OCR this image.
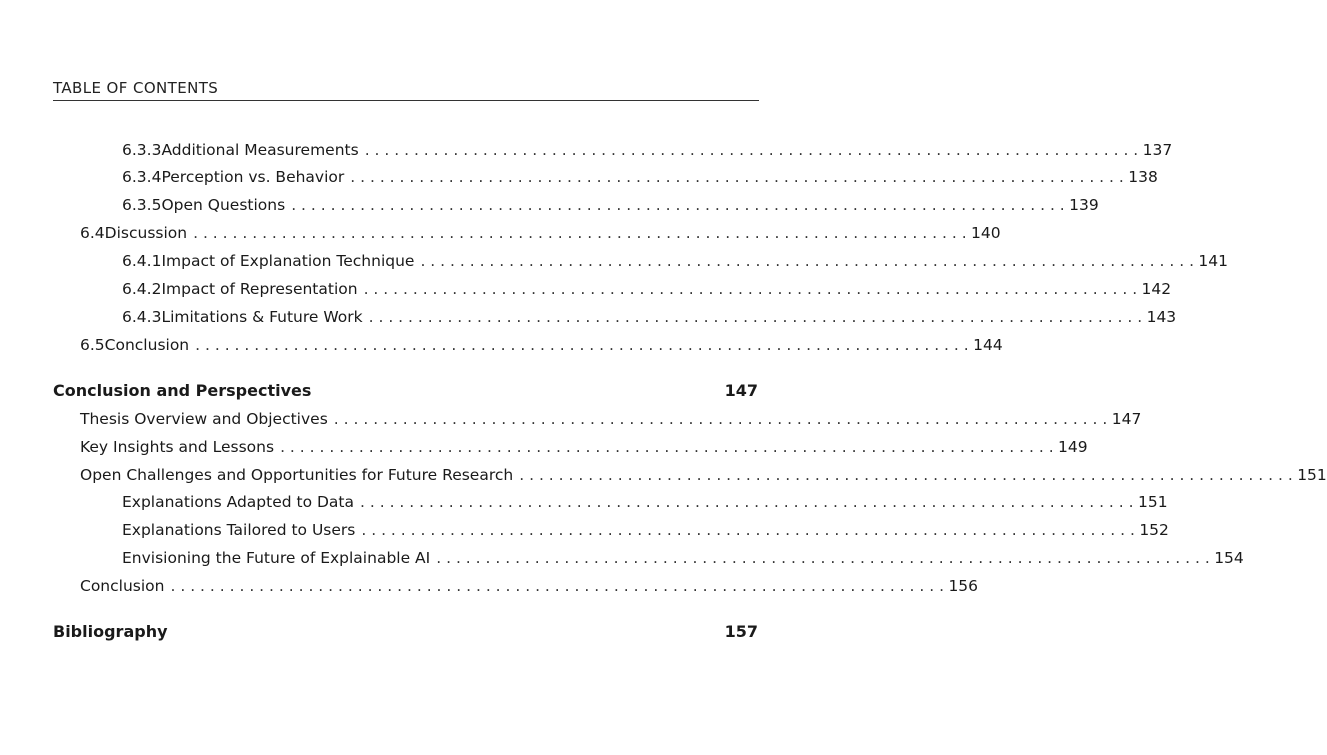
TABLE OF CONTENTS
6.3.3 Additional Measurements . . . . . . . . . . . . . . . . . . . . . . . . . . . . . . . . . . . . . . . . . . . . . . . . . . . . . . . . . . . . . . . . . . . . . . . . . . . . . . . 137
6.3.4 Perception vs. Behavior . . . . . . . . . . . . . . . . . . . . . . . . . . . . . . . . . . . . . . . . . . . . . . . . . . . . . . . . . . . . . . . . . . . . . . . . . . . . . . . 138
6.3.5 Open Questions . . . . . . . . . . . . . . . . . . . . . . . . . . . . . . . . . . . . . . . . . . . . . . . . . . . . . . . . . . . . . . . . . . . . . . . . . . . . . . . 139
6.4 Discussion . . . . . . . . . . . . . . . . . . . . . . . . . . . . . . . . . . . . . . . . . . . . . . . . . . . . . . . . . . . . . . . . . . . . . . . . . . . . . . . 140
6.4.1 Impact of Explanation Technique . . . . . . . . . . . . . . . . . . . . . . . . . . . . . . . . . . . . . . . . . . . . . . . . . . . . . . . . . . . . . . . . . . . . . . . . . . . . . . . 141
6.4.2 Impact of Representation . . . . . . . . . . . . . . . . . . . . . . . . . . . . . . . . . . . . . . . . . . . . . . . . . . . . . . . . . . . . . . . . . . . . . . . . . . . . . . . 142
6.4.3 Limitations & Future Work . . . . . . . . . . . . . . . . . . . . . . . . . . . . . . . . . . . . . . . . . . . . . . . . . . . . . . . . . . . . . . . . . . . . . . . . . . . . . . . 143
6.5 Conclusion . . . . . . . . . . . . . . . . . . . . . . . . . . . . . . . . . . . . . . . . . . . . . . . . . . . . . . . . . . . . . . . . . . . . . . . . . . . . . . . 144
Conclusion and Perspectives	147
Thesis Overview and Objectives . . . . . . . . . . . . . . . . . . . . . . . . . . . . . . . . . . . . . . . . . . . . . . . . . . . . . . . . . . . . . . . . . . . . . . . . . . . . . . . 147
Key Insights and Lessons . . . . . . . . . . . . . . . . . . . . . . . . . . . . . . . . . . . . . . . . . . . . . . . . . . . . . . . . . . . . . . . . . . . . . . . . . . . . . . . 149
Open Challenges and Opportunities for Future Research . . . . . . . . . . . . . . . . . . . . . . . . . . . . . . . . . . . . . . . . . . . . . . . . . . . . . . . . . . . . . . . . . . . . . . . . . . . . . . . 151
Explanations Adapted to Data . . . . . . . . . . . . . . . . . . . . . . . . . . . . . . . . . . . . . . . . . . . . . . . . . . . . . . . . . . . . . . . . . . . . . . . . . . . . . . . 151
Explanations Tailored to Users . . . . . . . . . . . . . . . . . . . . . . . . . . . . . . . . . . . . . . . . . . . . . . . . . . . . . . . . . . . . . . . . . . . . . . . . . . . . . . . 152
Envisioning the Future of Explainable AI . . . . . . . . . . . . . . . . . . . . . . . . . . . . . . . . . . . . . . . . . . . . . . . . . . . . . . . . . . . . . . . . . . . . . . . . . . . . . . . 154
Conclusion . . . . . . . . . . . . . . . . . . . . . . . . . . . . . . . . . . . . . . . . . . . . . . . . . . . . . . . . . . . . . . . . . . . . . . . . . . . . . . . 156
Bibliography	157
